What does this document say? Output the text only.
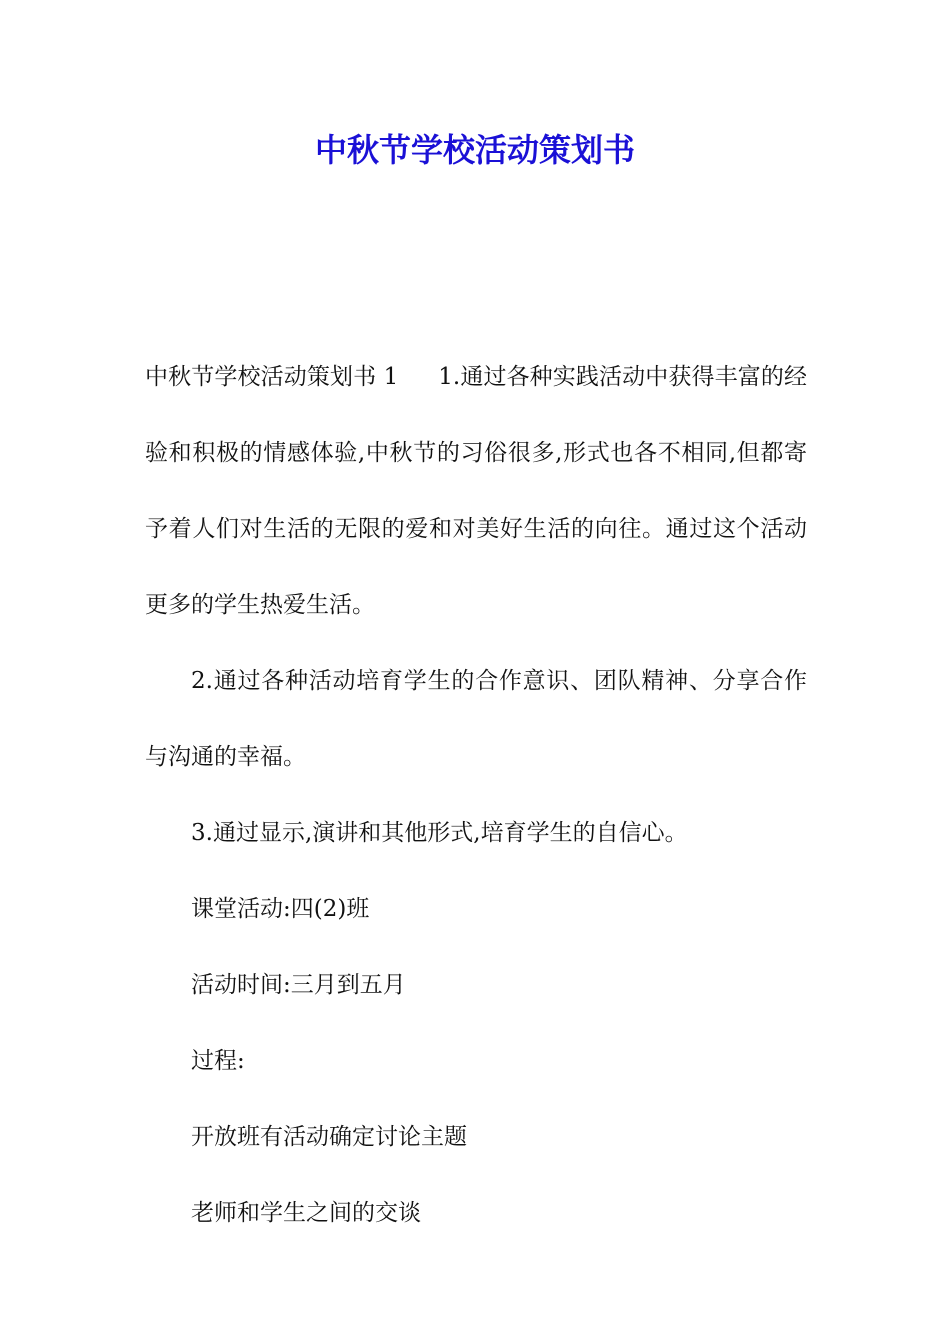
中秋节学校活动策划书

中秋节学校活动策划书 1 1.通过各种实践活动中获得丰富的经验和积极的情感体验,中秋节的习俗很多,形式也各不相同,但都寄予着人们对生活的无限的爱和对美好生活的向往。通过这个活动更多的学生热爱生活。

2.通过各种活动培育学生的合作意识、团队精神、分享合作与沟通的幸福。

3.通过显示,演讲和其他形式,培育学生的自信心。

课堂活动:四(2)班

活动时间:三月到五月

过程:

开放班有活动确定讨论主题

老师和学生之间的交谈
